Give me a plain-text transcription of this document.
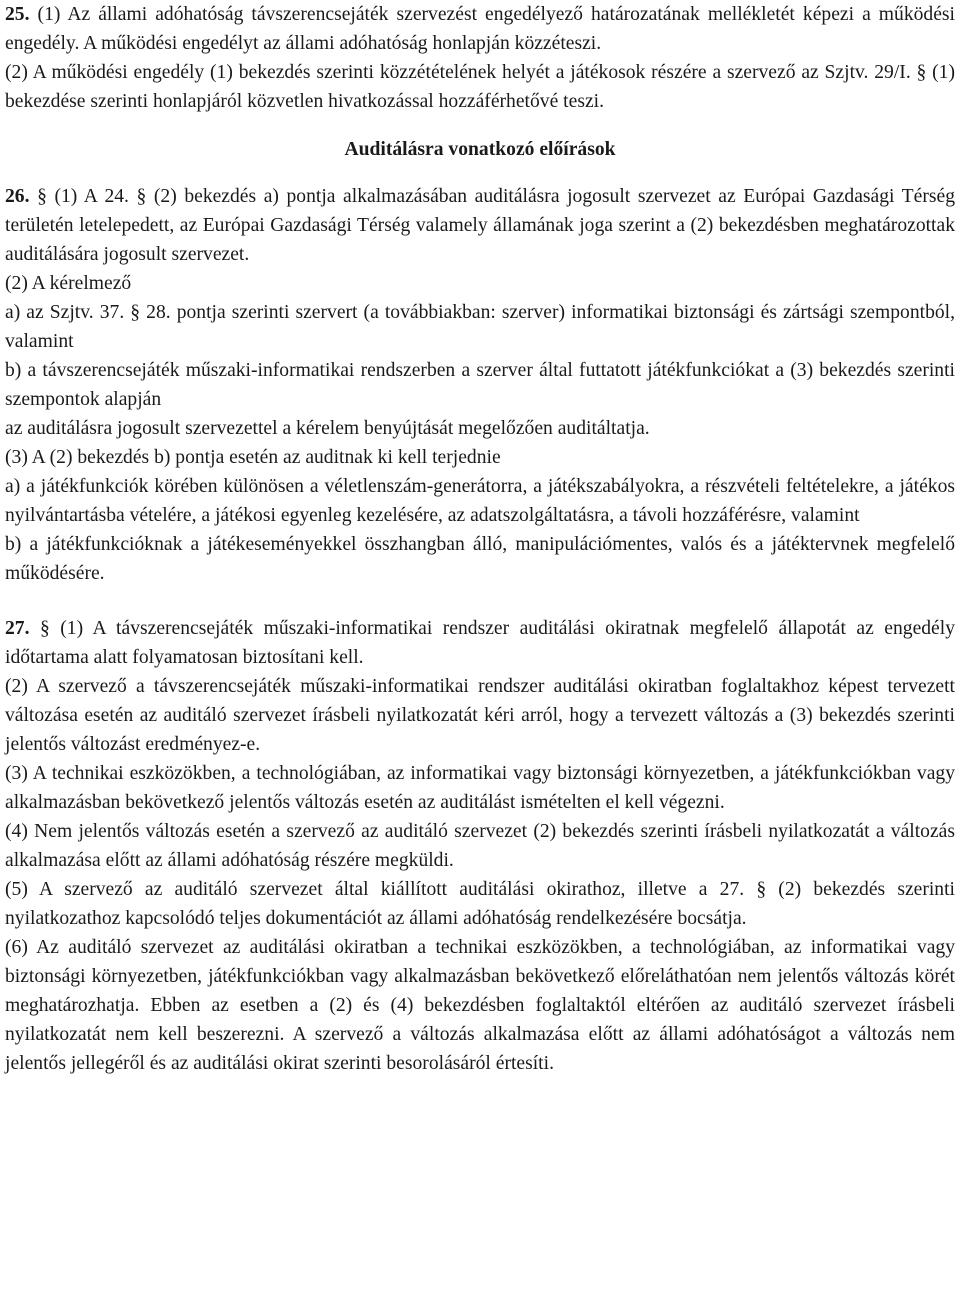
25. (1) Az állami adóhatóság távszerencsejáték szervezést engedélyező határozatának mellékletét képezi a működési engedély. A működési engedélyt az állami adóhatóság honlapján közzéteszi.

(2) A működési engedély (1) bekezdés szerinti közzétételének helyét a játékosok részére a szervező az Szjtv. 29/I. § (1) bekezdése szerinti honlapjáról közvetlen hivatkozással hozzáférhetővé teszi.

Auditálásra vonatkozó előírások

26. § (1) A 24. § (2) bekezdés a) pontja alkalmazásában auditálásra jogosult szervezet az Európai Gazdasági Térség területén letelepedett, az Európai Gazdasági Térség valamely államának joga szerint a (2) bekezdésben meghatározottak auditálására jogosult szervezet.

(2) A kérelmező

a) az Szjtv. 37. § 28. pontja szerinti szervert (a továbbiakban: szerver) informatikai biztonsági és zártsági szempontból, valamint

b) a távszerencsejáték műszaki-informatikai rendszerben a szerver által futtatott játékfunkciókat a (3) bekezdés szerinti szempontok alapján

az auditálásra jogosult szervezettel a kérelem benyújtását megelőzően auditáltatja.

(3) A (2) bekezdés b) pontja esetén az auditnak ki kell terjednie

a) a játékfunkciók körében különösen a véletlenszám-generátorra, a játékszabályokra, a részvételi feltételekre, a játékos nyilvántartásba vételére, a játékosi egyenleg kezelésére, az adatszolgáltatásra, a távoli hozzáférésre, valamint

b) a játékfunkcióknak a játékeseményekkel összhangban álló, manipulációmentes, valós és a játéktervnek megfelelő működésére.

27. § (1) A távszerencsejáték műszaki-informatikai rendszer auditálási okiratnak megfelelő állapotát az engedély időtartama alatt folyamatosan biztosítani kell.

(2) A szervező a távszerencsejáték műszaki-informatikai rendszer auditálási okiratban foglaltakhoz képest tervezett változása esetén az auditáló szervezet írásbeli nyilatkozatát kéri arról, hogy a tervezett változás a (3) bekezdés szerinti jelentős változást eredményez-e.

(3) A technikai eszközökben, a technológiában, az informatikai vagy biztonsági környezetben, a játékfunkciókban vagy alkalmazásban bekövetkező jelentős változás esetén az auditálást ismételten el kell végezni.

(4) Nem jelentős változás esetén a szervező az auditáló szervezet (2) bekezdés szerinti írásbeli nyilatkozatát a változás alkalmazása előtt az állami adóhatóság részére megküldi.

(5) A szervező az auditáló szervezet által kiállított auditálási okirathoz, illetve a 27. § (2) bekezdés szerinti nyilatkozathoz kapcsolódó teljes dokumentációt az állami adóhatóság rendelkezésére bocsátja.

(6) Az auditáló szervezet az auditálási okiratban a technikai eszközökben, a technológiában, az informatikai vagy biztonsági környezetben, játékfunkciókban vagy alkalmazásban bekövetkező előreláthatóan nem jelentős változás körét meghatározhatja. Ebben az esetben a (2) és (4) bekezdésben foglaltaktól eltérően az auditáló szervezet írásbeli nyilatkozatát nem kell beszerezni. A szervező a változás alkalmazása előtt az állami adóhatóságot a változás nem jelentős jellegéről és az auditálási okirat szerinti besorolásáról értesíti.
